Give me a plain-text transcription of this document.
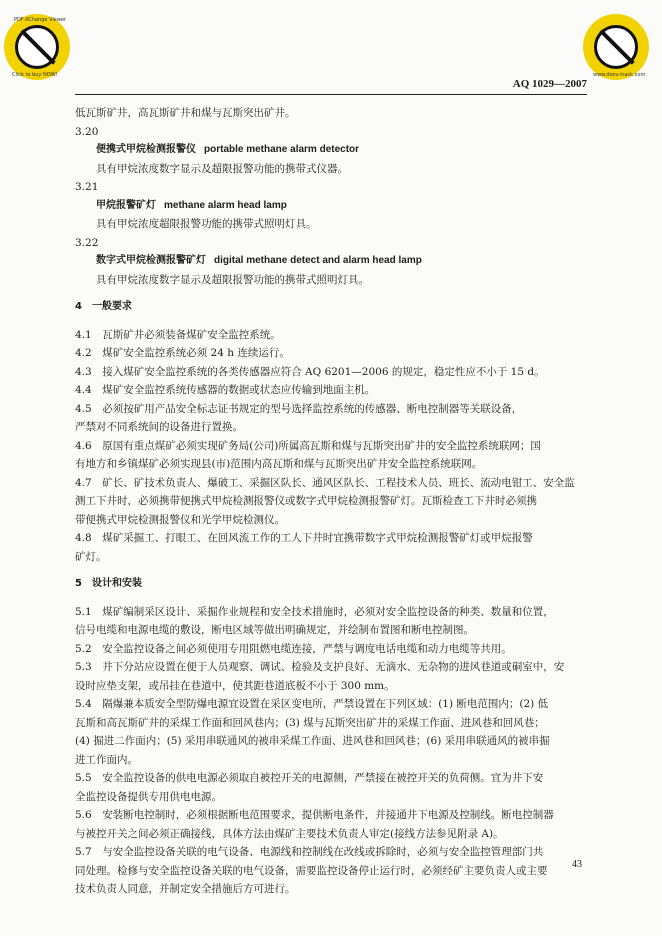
PDF-XChange Viewer
Click to buy NOW!	www.docu-track.com
AQ 1029—2007
低瓦斯矿井，高瓦斯矿井和煤与瓦斯突出矿井。
3.20
便携式甲烷检测报警仪 portable methane alarm detector
具有甲烷浓度数字显示及超限报警功能的携带式仪器。
3.21
甲烷报警矿灯 methane alarm head lamp
具有甲烷浓度超限报警功能的携带式照明灯具。
3.22
数字式甲烷检测报警矿灯 digital methane detect and alarm head lamp
具有甲烷浓度数字显示及超限报警功能的携带式照明灯具。
4　一般要求
4.1　瓦斯矿井必须装备煤矿安全监控系统。
4.2　煤矿安全监控系统必须 24 h 连续运行。
4.3　接入煤矿安全监控系统的各类传感器应符合 AQ 6201—2006 的规定，稳定性应不小于 15 d。
4.4　煤矿安全监控系统传感器的数据或状态应传输到地面主机。
4.5　必须按矿用产品安全标志证书规定的型号选择监控系统的传感器、断电控制器等关联设备，
严禁对不同系统间的设备进行置换。
4.6　原国有重点煤矿必须实现矿务局(公司)所属高瓦斯和煤与瓦斯突出矿井的安全监控系统联网；国
有地方和乡镇煤矿必须实现县(市)范围内高瓦斯和煤与瓦斯突出矿井安全监控系统联网。
4.7　矿长、矿技术负责人、爆破工、采掘区队长、通风区队长、工程技术人员、班长、流动电钳工、安全监
测工下井时，必须携带便携式甲烷检测报警仪或数字式甲烷检测报警矿灯。瓦斯检查工下井时必须携
带便携式甲烷检测报警仪和光学甲烷检测仪。
4.8　煤矿采掘工、打眼工、在回风流工作的工人下井时宜携带数字式甲烷检测报警矿灯或甲烷报警
矿灯。
5　设计和安装
5.1　煤矿编制采区设计、采掘作业规程和安全技术措施时，必须对安全监控设备的种类、数量和位置，
信号电缆和电源电缆的敷设，断电区域等做出明确规定，并绘制布置图和断电控制图。
5.2　安全监控设备之间必须使用专用阻燃电缆连接，严禁与调度电话电缆和动力电缆等共用。
5.3　井下分站应设置在便于人员观察、调试、检验及支护良好、无滴水、无杂物的进风巷道或硐室中，安
设时应垫支架，或吊挂在巷道中，使其距巷道底板不小于 300 mm。
5.4　隔爆兼本质安全型防爆电源宜设置在采区变电所，严禁设置在下列区域：(1) 断电范围内；(2) 低
瓦斯和高瓦斯矿井的采煤工作面和回风巷内；(3) 煤与瓦斯突出矿井的采煤工作面、进风巷和回风巷；
(4) 掘进二作面内；(5) 采用串联通风的被串采煤工作面、进风巷和回风巷；(6) 采用串联通风的被串掘
进工作面内。
5.5　安全监控设备的供电电源必须取自被控开关的电源侧，严禁接在被控开关的负荷侧。宜为井下安
全监控设备提供专用供电电源。
5.6　安装断电控制时，必须根据断电范围要求，提供断电条件，并接通井下电源及控制线。断电控制器
与被控开关之间必须正确接线，具体方法由煤矿主要技术负责人审定(接线方法参见附录 A)。
5.7　与安全监控设备关联的电气设备、电源线和控制线在改线或拆除时，必须与安全监控管理部门共
同处理。检修与安全监控设备关联的电气设备，需要监控设备停止运行时，必须经矿主要负责人或主要
技术负责人同意，并制定安全措施后方可进行。
43
